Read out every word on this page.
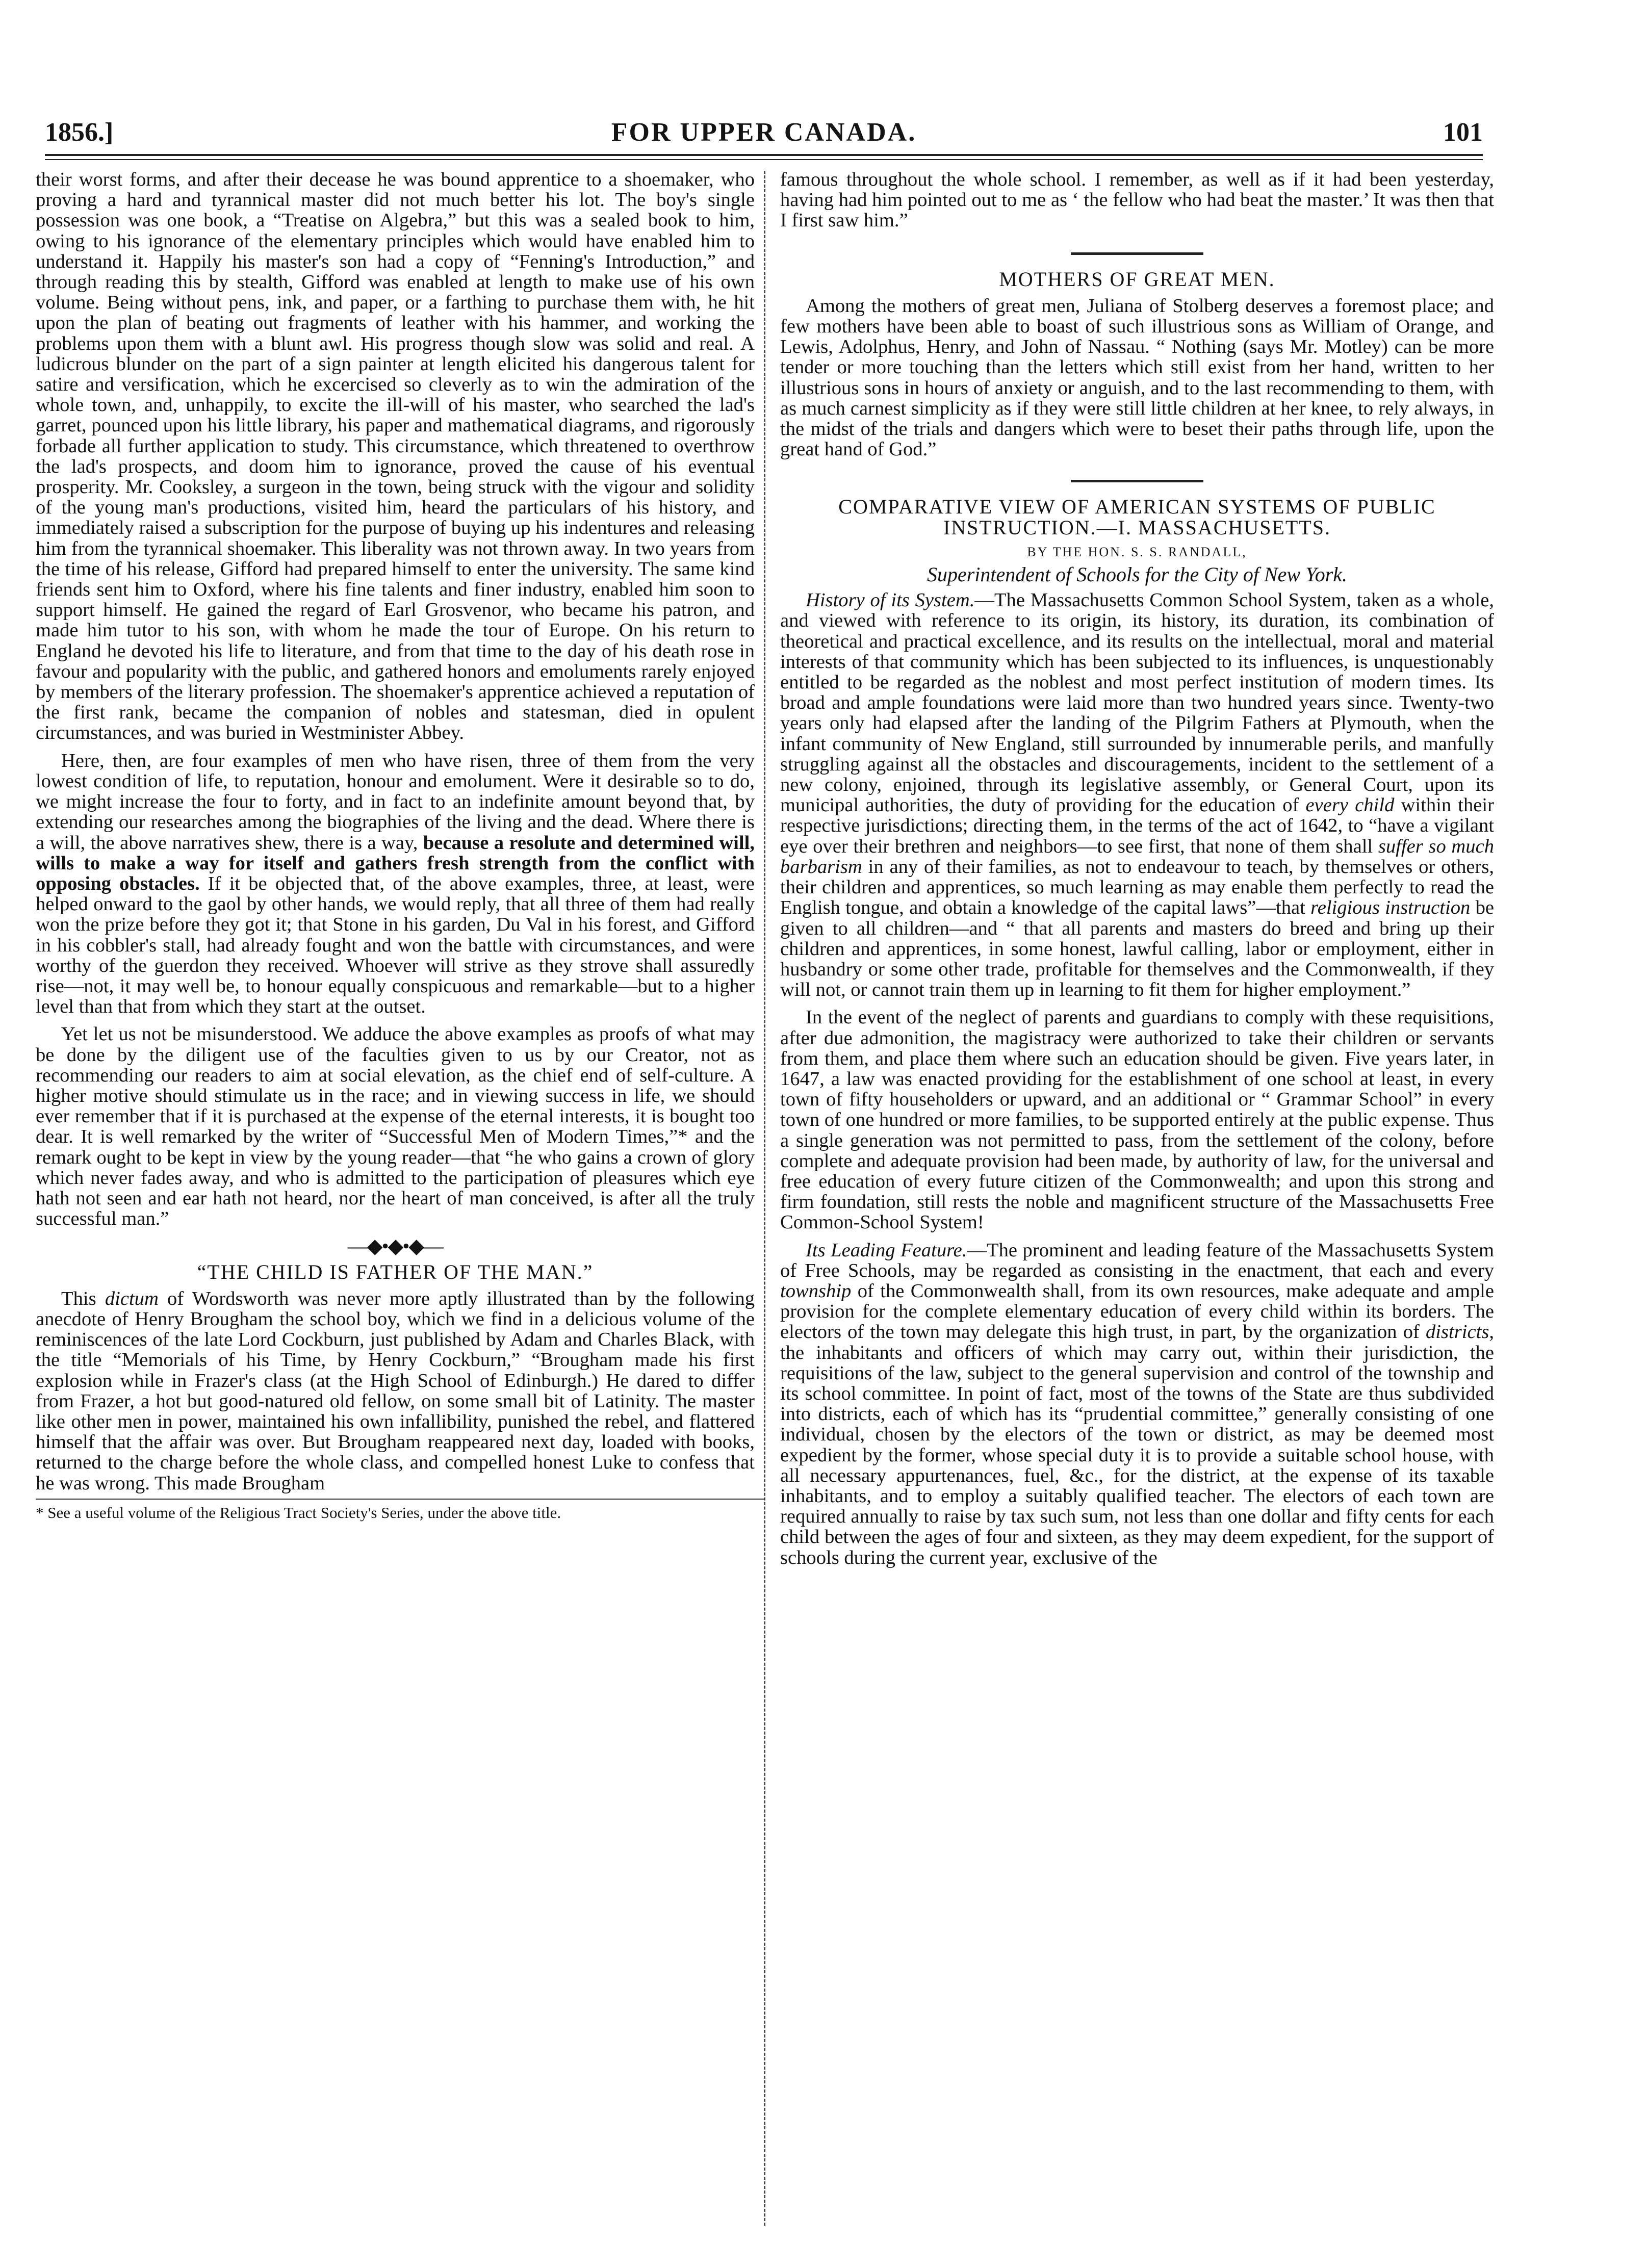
1856.]	FOR UPPER CANADA.	101

their worst forms, and after their decease he was bound apprentice to a shoemaker, who proving a hard and tyrannical master did not much better his lot. The boy's single possession was one book, a “Treatise on Algebra,” but this was a sealed book to him, owing to his ignorance of the elementary principles which would have enabled him to understand it. Happily his master's son had a copy of “Fenning's Introduction,” and through reading this by stealth, Gifford was enabled at length to make use of his own volume. Being without pens, ink, and paper, or a farthing to purchase them with, he hit upon the plan of beating out fragments of leather with his hammer, and working the problems upon them with a blunt awl. His progress though slow was solid and real. A ludicrous blunder on the part of a sign painter at length elicited his dangerous talent for satire and versification, which he excercised so cleverly as to win the admiration of the whole town, and, unhappily, to excite the ill-will of his master, who searched the lad's garret, pounced upon his little library, his paper and mathematical diagrams, and rigorously forbade all further application to study. This circumstance, which threatened to overthrow the lad's prospects, and doom him to ignorance, proved the cause of his eventual prosperity. Mr. Cooksley, a surgeon in the town, being struck with the vigour and solidity of the young man's productions, visited him, heard the particulars of his history, and immediately raised a subscription for the purpose of buying up his indentures and releasing him from the tyrannical shoemaker. This liberality was not thrown away. In two years from the time of his release, Gifford had prepared himself to enter the university. The same kind friends sent him to Oxford, where his fine talents and finer industry, enabled him soon to support himself. He gained the regard of Earl Grosvenor, who became his patron, and made him tutor to his son, with whom he made the tour of Europe. On his return to England he devoted his life to literature, and from that time to the day of his death rose in favour and popularity with the public, and gathered honors and emoluments rarely enjoyed by members of the literary profession. The shoemaker's apprentice achieved a reputation of the first rank, became the companion of nobles and statesman, died in opulent circumstances, and was buried in Westminister Abbey.

Here, then, are four examples of men who have risen, three of them from the very lowest condition of life, to reputation, honour and emolument. Were it desirable so to do, we might increase the four to forty, and in fact to an indefinite amount beyond that, by extending our researches among the biographies of the living and the dead. Where there is a will, the above narratives shew, there is a way, because a resolute and determined will, wills to make a way for itself and gathers fresh strength from the conflict with opposing obstacles. If it be objected that, of the above examples, three, at least, were helped onward to the gaol by other hands, we would reply, that all three of them had really won the prize before they got it; that Stone in his garden, Du Val in his forest, and Gifford in his cobbler's stall, had already fought and won the battle with circumstances, and were worthy of the guerdon they received. Whoever will strive as they strove shall assuredly rise—not, it may well be, to honour equally conspicuous and remarkable—but to a higher level than that from which they start at the outset.

Yet let us not be misunderstood. We adduce the above examples as proofs of what may be done by the diligent use of the faculties given to us by our Creator, not as recommending our readers to aim at social elevation, as the chief end of self-culture. A higher motive should stimulate us in the race; and in viewing success in life, we should ever remember that if it is purchased at the expense of the eternal interests, it is bought too dear. It is well remarked by the writer of “Successful Men of Modern Times,”* and the remark ought to be kept in view by the young reader—that “he who gains a crown of glory which never fades away, and who is admitted to the participation of pleasures which eye hath not seen and ear hath not heard, nor the heart of man conceived, is after all the truly successful man.”

—◆•◆•◆—
“THE CHILD IS FATHER OF THE MAN.”

This dictum of Wordsworth was never more aptly illustrated than by the following anecdote of Henry Brougham the school boy, which we find in a delicious volume of the reminiscences of the late Lord Cockburn, just published by Adam and Charles Black, with the title “Memorials of his Time, by Henry Cockburn,” “Brougham made his first explosion while in Frazer's class (at the High School of Edinburgh.) He dared to differ from Frazer, a hot but good-natured old fellow, on some small bit of Latinity. The master like other men in power, maintained his own infallibility, punished the rebel, and flattered himself that the affair was over. But Brougham reappeared next day, loaded with books, returned to the charge before the whole class, and compelled honest Luke to confess that he was wrong. This made Brougham

* See a useful volume of the Religious Tract Society's Series, under the above title.

famous throughout the whole school. I remember, as well as if it had been yesterday, having had him pointed out to me as ‘ the fellow who had beat the master.’ It was then that I first saw him.”

MOTHERS OF GREAT MEN.

Among the mothers of great men, Juliana of Stolberg deserves a foremost place; and few mothers have been able to boast of such illustrious sons as William of Orange, and Lewis, Adolphus, Henry, and John of Nassau. “ Nothing (says Mr. Motley) can be more tender or more touching than the letters which still exist from her hand, written to her illustrious sons in hours of anxiety or anguish, and to the last recommending to them, with as much carnest simplicity as if they were still little children at her knee, to rely always, in the midst of the trials and dangers which were to beset their paths through life, upon the great hand of God.”

COMPARATIVE VIEW OF AMERICAN SYSTEMS OF PUBLIC INSTRUCTION.—I. MASSACHUSETTS.
BY THE HON. S. S. RANDALL,
Superintendent of Schools for the City of New York.

History of its System.—The Massachusetts Common School System, taken as a whole, and viewed with reference to its origin, its history, its duration, its combination of theoretical and practical excellence, and its results on the intellectual, moral and material interests of that community which has been subjected to its influences, is unquestionably entitled to be regarded as the noblest and most perfect institution of modern times. Its broad and ample foundations were laid more than two hundred years since. Twenty-two years only had elapsed after the landing of the Pilgrim Fathers at Plymouth, when the infant community of New England, still surrounded by innumerable perils, and manfully struggling against all the obstacles and discouragements, incident to the settlement of a new colony, enjoined, through its legislative assembly, or General Court, upon its municipal authorities, the duty of providing for the education of every child within their respective jurisdictions; directing them, in the terms of the act of 1642, to “have a vigilant eye over their brethren and neighbors—to see first, that none of them shall suffer so much barbarism in any of their families, as not to endeavour to teach, by themselves or others, their children and apprentices, so much learning as may enable them perfectly to read the English tongue, and obtain a knowledge of the capital laws”—that religious instruction be given to all children—and “ that all parents and masters do breed and bring up their children and apprentices, in some honest, lawful calling, labor or employment, either in husbandry or some other trade, profitable for themselves and the Commonwealth, if they will not, or cannot train them up in learning to fit them for higher employment.”

In the event of the neglect of parents and guardians to comply with these requisitions, after due admonition, the magistracy were authorized to take their children or servants from them, and place them where such an education should be given. Five years later, in 1647, a law was enacted providing for the establishment of one school at least, in every town of fifty householders or upward, and an additional or “ Grammar School” in every town of one hundred or more families, to be supported entirely at the public expense. Thus a single generation was not permitted to pass, from the settlement of the colony, before complete and adequate provision had been made, by authority of law, for the universal and free education of every future citizen of the Commonwealth; and upon this strong and firm foundation, still rests the noble and magnificent structure of the Massachusetts Free Common-School System!

Its Leading Feature.—The prominent and leading feature of the Massachusetts System of Free Schools, may be regarded as consisting in the enactment, that each and every township of the Commonwealth shall, from its own resources, make adequate and ample provision for the complete elementary education of every child within its borders. The electors of the town may delegate this high trust, in part, by the organization of districts, the inhabitants and officers of which may carry out, within their jurisdiction, the requisitions of the law, subject to the general supervision and control of the township and its school committee. In point of fact, most of the towns of the State are thus subdivided into districts, each of which has its “prudential committee,” generally consisting of one individual, chosen by the electors of the town or district, as may be deemed most expedient by the former, whose special duty it is to provide a suitable school house, with all necessary appurtenances, fuel, &c., for the district, at the expense of its taxable inhabitants, and to employ a suitably qualified teacher. The electors of each town are required annually to raise by tax such sum, not less than one dollar and fifty cents for each child between the ages of four and sixteen, as they may deem expedient, for the support of schools during the current year, exclusive of the
